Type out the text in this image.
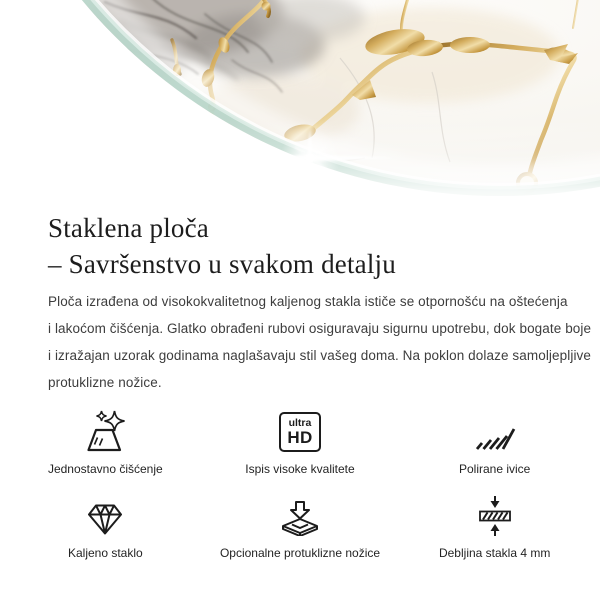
Staklena ploča
– Savršenstvo u svakom detalju

Ploča izrađena od visokokvalitetnog kaljenog stakla ističe se otpornošću na oštećenja
i lakoćom čišćenja. Glatko obrađeni rubovi osiguravaju sigurnu upotrebu, dok bogate boje
i izražajan uzorak godinama naglašavaju stil vašeg doma. Na poklon dolaze samoljepljive
protuklizne nožice.

Jednostavno čišćenje
ultra
HD
Ispis visoke kvalitete	Polirane ivice
Kaljeno staklo	Opcionalne protuklizne nožice	Debljina stakla 4 mm
